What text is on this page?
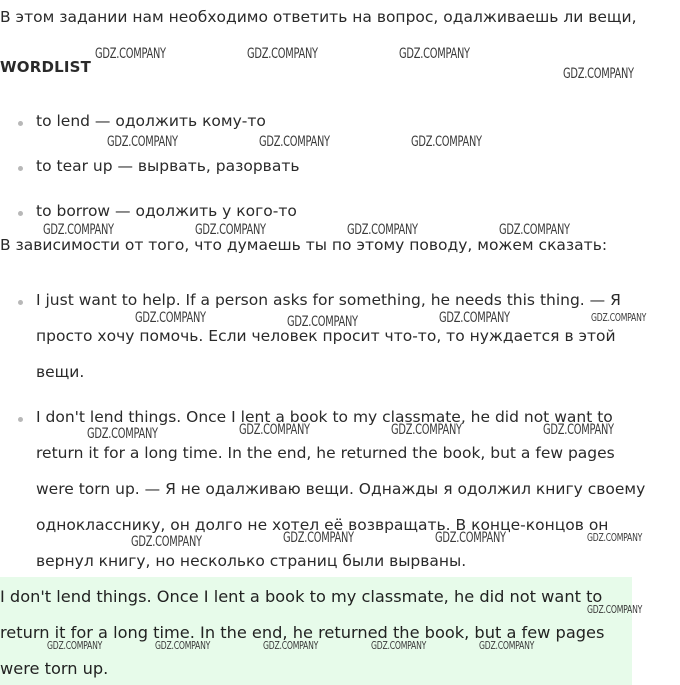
В этом задании нам необходимо ответить на вопрос, одалживаешь ли вещи,
WORDLIST
to lend — одолжить кому-то
to tear up — вырвать, разорвать
to borrow — одолжить у кого-то
В зависимости от того, что думаешь ты по этому поводу, можем сказать:
I just want to help. If a person asks for something, he needs this thing. — Я
просто хочу помочь. Если человек просит что-то, то нуждается в этой
вещи.
I don't lend things. Once I lent a book to my classmate, he did not want to
return it for a long time. In the end, he returned the book, but a few pages
were torn up. — Я не одалживаю вещи. Однажды я одолжил книгу своему
однокласснику, он долго не хотел её возвращать. В конце-концов он
вернул книгу, но несколько страниц были вырваны.
I don't lend things. Once I lent a book to my classmate, he did not want to
return it for a long time. In the end, he returned the book, but a few pages
were torn up.
GDZ.COMPANY	GDZ.COMPANY	GDZ.COMPANY
GDZ.COMPANY
GDZ.COMPANY	GDZ.COMPANY	GDZ.COMPANY
GDZ.COMPANY	GDZ.COMPANY	GDZ.COMPANY	GDZ.COMPANY
GDZ.COMPANY	GDZ.COMPANY	GDZ.COMPANY	GDZ.COMPANY
GDZ.COMPANY	GDZ.COMPANY	GDZ.COMPANY	GDZ.COMPANY
GDZ.COMPANY	GDZ.COMPANY	GDZ.COMPANY	GDZ.COMPANY
GDZ.COMPANY
GDZ.COMPANY	GDZ.COMPANY	GDZ.COMPANY	GDZ.COMPANY	GDZ.COMPANY
